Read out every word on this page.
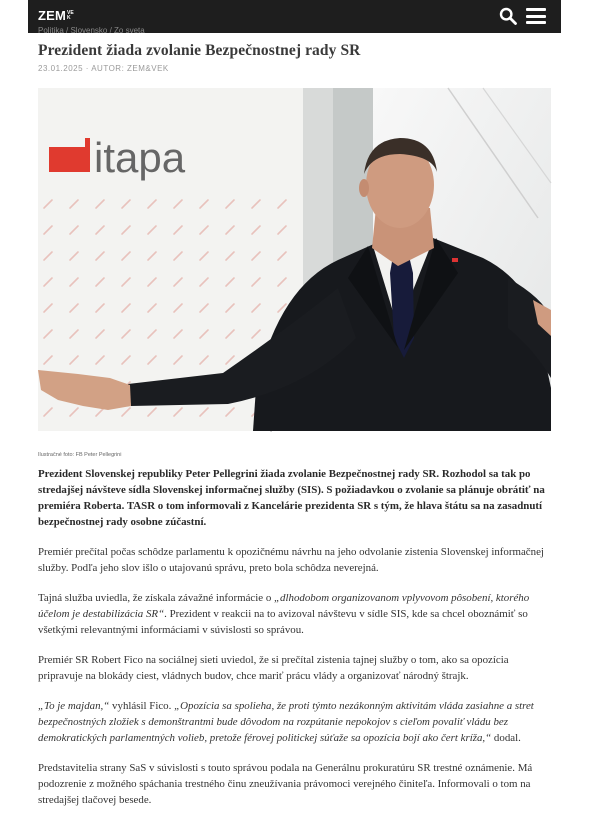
ZEM VEK
Politika / Slovensko / Zo sveta
Prezident žiada zvolanie Bezpečnostnej rady SR
23.01.2025 · AUTOR: ZEM&VEK
itapa
Ilustračné foto: FB Peter Pellegrini

Prezident Slovenskej republiky Peter Pellegrini žiada zvolanie Bezpečnostnej rady SR. Rozhodol sa tak po stredajšej návšteve sídla Slovenskej informačnej služby (SIS). S požiadavkou o zvolanie sa plánuje obrátiť na premiéra Roberta. TASR o tom informovali z Kancelárie prezidenta SR s tým, že hlava štátu sa na zasadnutí bezpečnostnej rady osobne zúčastní.

Premiér prečítal počas schôdze parlamentu k opozičnému návrhu na jeho odvolanie zistenia Slovenskej informačnej služby. Podľa jeho slov išlo o utajovanú správu, preto bola schôdza neverejná.

Tajná služba uviedla, že získala závažné informácie o „dlhodobom organizovanom vplyvovom pôsobení, ktorého účelom je destabilizácia SR“. Prezident v reakcii na to avizoval návštevu v sídle SIS, kde sa chcel oboznámiť so všetkými relevantnými informáciami v súvislosti so správou.

Premiér SR Robert Fico na sociálnej sieti uviedol, že si prečítal zistenia tajnej služby o tom, ako sa opozícia pripravuje na blokády ciest, vládnych budov, chce mariť prácu vlády a organizovať národný štrajk.

„To je majdan,“ vyhlásil Fico. „Opozícia sa spolieha, že proti týmto nezákonným aktivitám vláda zasiahne a stret bezpečnostných zložiek s demonštrantmi bude dôvodom na rozpútanie nepokojov s cieľom povaliť vládu bez demokratických parlamentných volieb, pretože férovej politickej súťaže sa opozícia bojí ako čert kríža,“ dodal.

Predstavitelia strany SaS v súvislosti s touto správou podala na Generálnu prokuratúru SR trestné oznámenie. Má podozrenie z možného spáchania trestného činu zneužívania právomoci verejného činiteľa. Informovali o tom na stredajšej tlačovej besede.
